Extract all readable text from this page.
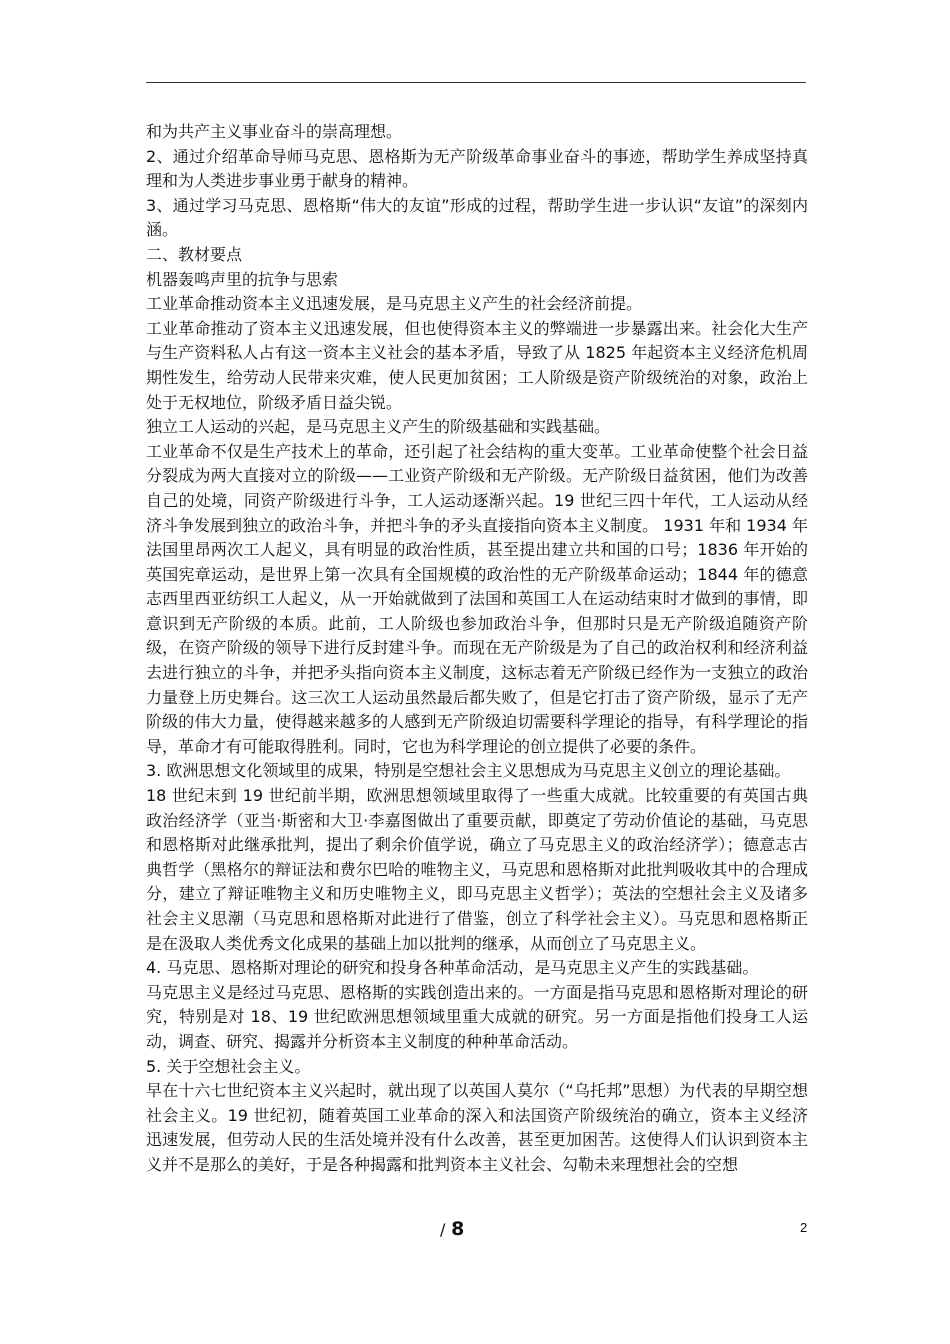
和为共产主义事业奋斗的崇高理想。

2、通过介绍革命导师马克思、恩格斯为无产阶级革命事业奋斗的事迹，帮助学生养成坚持真理和为人类进步事业勇于献身的精神。

3、通过学习马克思、恩格斯“伟大的友谊”形成的过程，帮助学生进一步认识“友谊”的深刻内涵。

二、教材要点

机器轰鸣声里的抗争与思索

工业革命推动资本主义迅速发展，是马克思主义产生的社会经济前提。

工业革命推动了资本主义迅速发展，但也使得资本主义的弊端进一步暴露出来。社会化大生产与生产资料私人占有这一资本主义社会的基本矛盾，导致了从 1825 年起资本主义经济危机周期性发生，给劳动人民带来灾难，使人民更加贫困；工人阶级是资产阶级统治的对象，政治上处于无权地位，阶级矛盾日益尖锐。

独立工人运动的兴起，是马克思主义产生的阶级基础和实践基础。

工业革命不仅是生产技术上的革命，还引起了社会结构的重大变革。工业革命使整个社会日益分裂成为两大直接对立的阶级——工业资产阶级和无产阶级。无产阶级日益贫困，他们为改善自己的处境，同资产阶级进行斗争，工人运动逐渐兴起。19 世纪三四十年代，工人运动从经济斗争发展到独立的政治斗争，并把斗争的矛头直接指向资本主义制度。 1931 年和 1934 年法国里昂两次工人起义，具有明显的政治性质，甚至提出建立共和国的口号；1836 年开始的英国宪章运动，是世界上第一次具有全国规模的政治性的无产阶级革命运动；1844 年的德意志西里西亚纺织工人起义，从一开始就做到了法国和英国工人在运动结束时才做到的事情，即意识到无产阶级的本质。此前，工人阶级也参加政治斗争，但那时只是无产阶级追随资产阶级，在资产阶级的领导下进行反封建斗争。而现在无产阶级是为了自己的政治权利和经济利益去进行独立的斗争，并把矛头指向资本主义制度，这标志着无产阶级已经作为一支独立的政治力量登上历史舞台。这三次工人运动虽然最后都失败了，但是它打击了资产阶级，显示了无产阶级的伟大力量，使得越来越多的人感到无产阶级迫切需要科学理论的指导，有科学理论的指导，革命才有可能取得胜利。同时，它也为科学理论的创立提供了必要的条件。

3. 欧洲思想文化领域里的成果，特别是空想社会主义思想成为马克思主义创立的理论基础。

18 世纪末到 19 世纪前半期，欧洲思想领域里取得了一些重大成就。比较重要的有英国古典政治经济学（亚当·斯密和大卫·李嘉图做出了重要贡献，即奠定了劳动价值论的基础，马克思和恩格斯对此继承批判，提出了剩余价值学说，确立了马克思主义的政治经济学）；德意志古典哲学（黑格尔的辩证法和费尔巴哈的唯物主义，马克思和恩格斯对此批判吸收其中的合理成分，建立了辩证唯物主义和历史唯物主义，即马克思主义哲学）；英法的空想社会主义及诸多社会主义思潮（马克思和恩格斯对此进行了借鉴，创立了科学社会主义）。马克思和恩格斯正是在汲取人类优秀文化成果的基础上加以批判的继承，从而创立了马克思主义。

4. 马克思、恩格斯对理论的研究和投身各种革命活动，是马克思主义产生的实践基础。

马克思主义是经过马克思、恩格斯的实践创造出来的。一方面是指马克思和恩格斯对理论的研究，特别是对 18、19 世纪欧洲思想领域里重大成就的研究。另一方面是指他们投身工人运动，调查、研究、揭露并分析资本主义制度的种种革命活动。

5. 关于空想社会主义。

早在十六七世纪资本主义兴起时，就出现了以英国人莫尔（“乌托邦”思想）为代表的早期空想社会主义。19 世纪初，随着英国工业革命的深入和法国资产阶级统治的确立，资本主义经济迅速发展，但劳动人民的生活处境并没有什么改善，甚至更加困苦。这使得人们认识到资本主义并不是那么的美好，于是各种揭露和批判资本主义社会、勾勒未来理想社会的空想

/ 8	2
